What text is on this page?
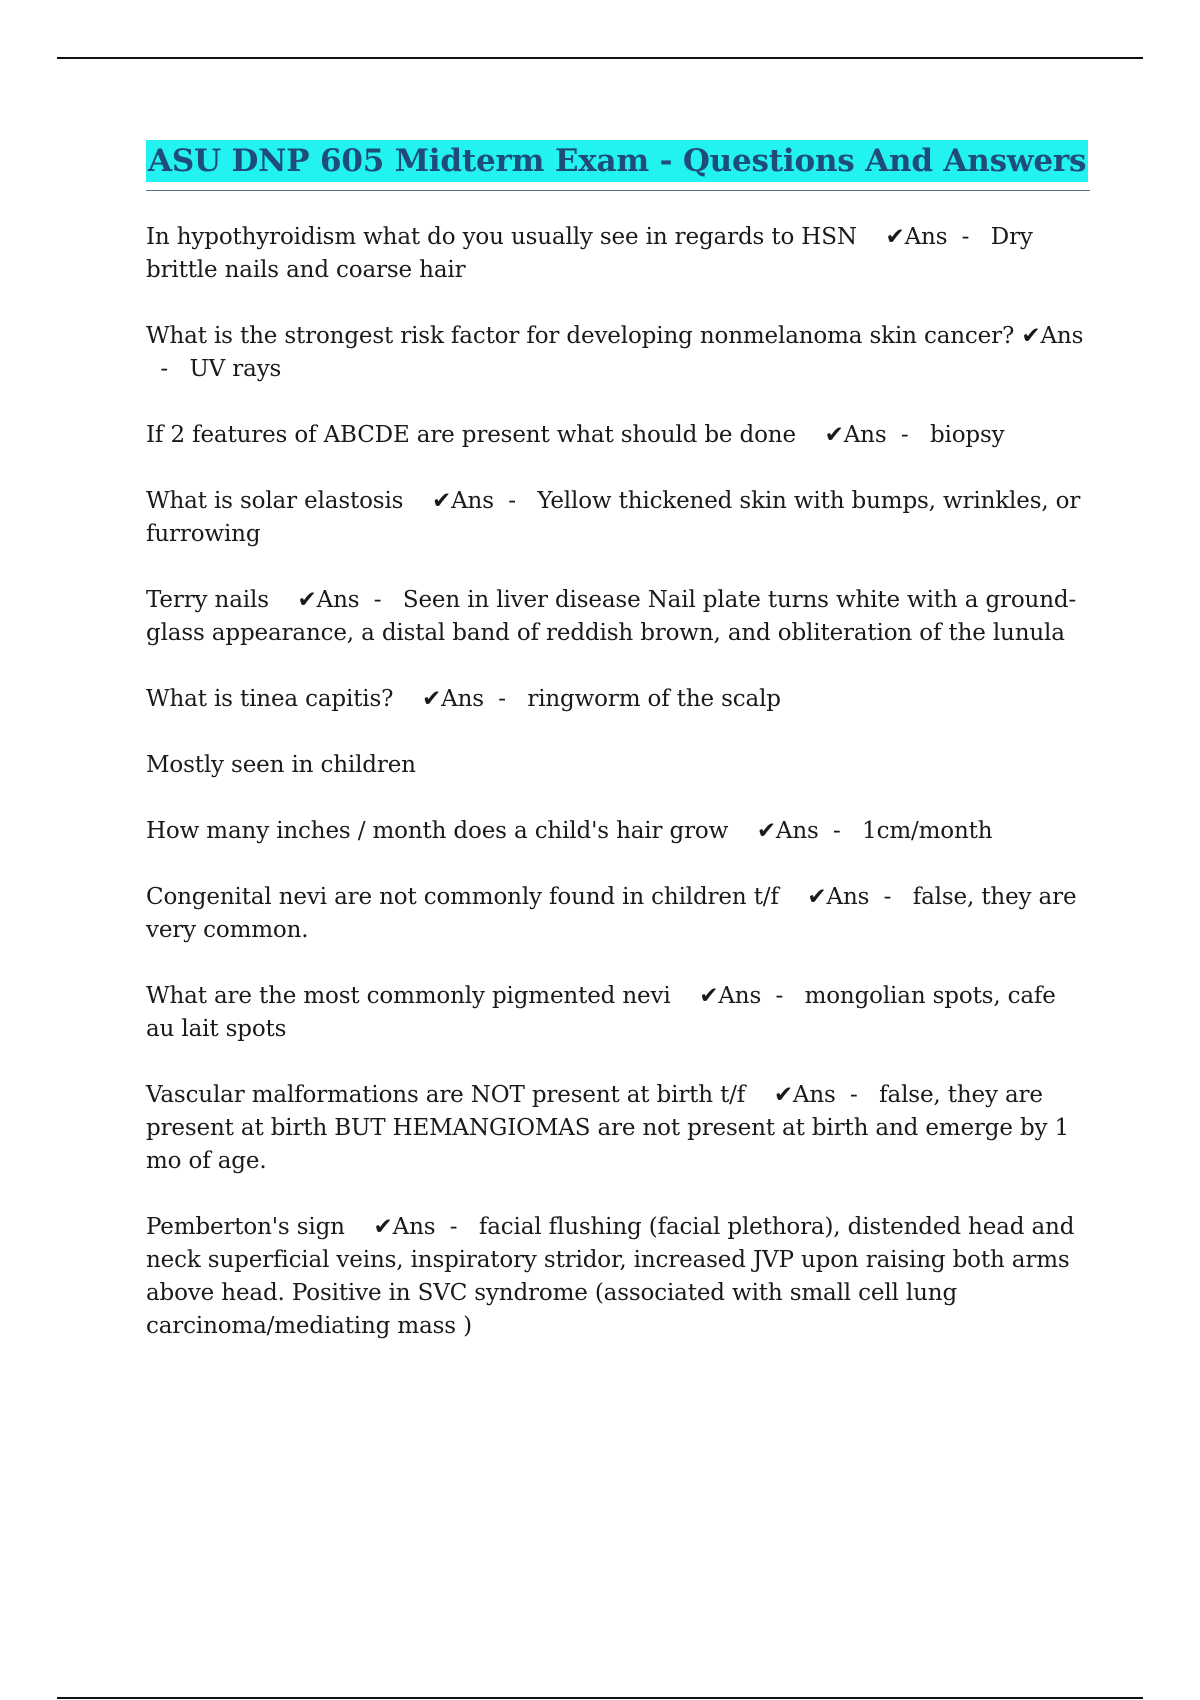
ASU DNP 605 Midterm Exam - Questions And Answers

In hypothyroidism what do you usually see in regards to HSN ✔Ans  -   Dry brittle nails and coarse hair

What is the strongest risk factor for developing nonmelanoma skin cancer? ✔Ans  -   UV rays

If 2 features of ABCDE are present what should be done ✔Ans  -   biopsy

What is solar elastosis ✔Ans  -   Yellow thickened skin with bumps, wrinkles, or furrowing

Terry nails ✔Ans  -   Seen in liver disease Nail plate turns white with a ground-glass appearance, a distal band of reddish brown, and obliteration of the lunula

What is tinea capitis? ✔Ans  -   ringworm of the scalp

Mostly seen in children

How many inches / month does a child's hair grow ✔Ans  -   1cm/month

Congenital nevi are not commonly found in children t/f ✔Ans  -   false, they are very common.

What are the most commonly pigmented nevi ✔Ans  -   mongolian spots, cafe au lait spots

Vascular malformations are NOT present at birth t/f ✔Ans  -   false, they are present at birth BUT HEMANGIOMAS are not present at birth and emerge by 1 mo of age.

Pemberton's sign ✔Ans  -   facial flushing (facial plethora), distended head and neck superficial veins, inspiratory stridor, increased JVP upon raising both arms above head. Positive in SVC syndrome (associated with small cell lung carcinoma/mediating mass )
